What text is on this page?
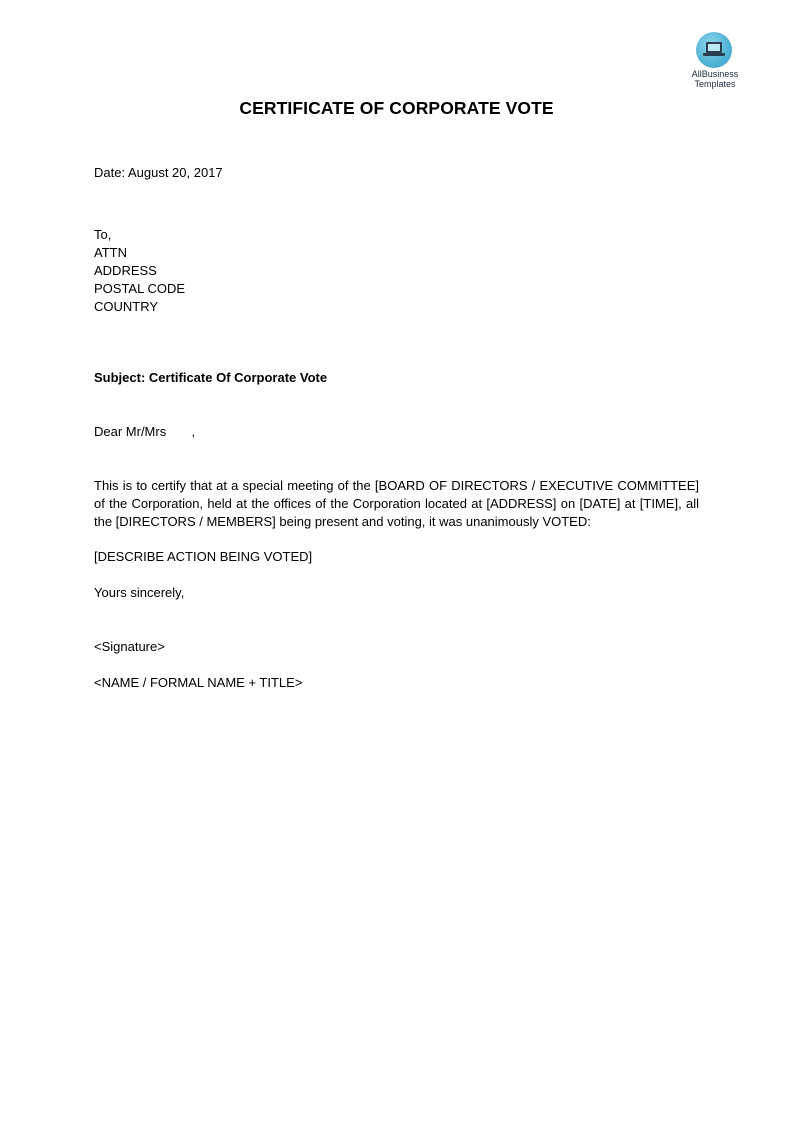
AllBusiness
Templates
CERTIFICATE OF CORPORATE VOTE
Date: August 20, 2017
To,
ATTN
ADDRESS
POSTAL CODE
COUNTRY
Subject: Certificate Of Corporate Vote
Dear Mr/Mrs       ,
This is to certify that at a special meeting of the [BOARD OF DIRECTORS / EXECUTIVE COMMITTEE] of the Corporation, held at the offices of the Corporation located at [ADDRESS] on [DATE] at [TIME], all the [DIRECTORS / MEMBERS] being present and voting, it was unanimously VOTED:
[DESCRIBE ACTION BEING VOTED]
Yours sincerely,
<Signature>
<NAME / FORMAL NAME + TITLE>
